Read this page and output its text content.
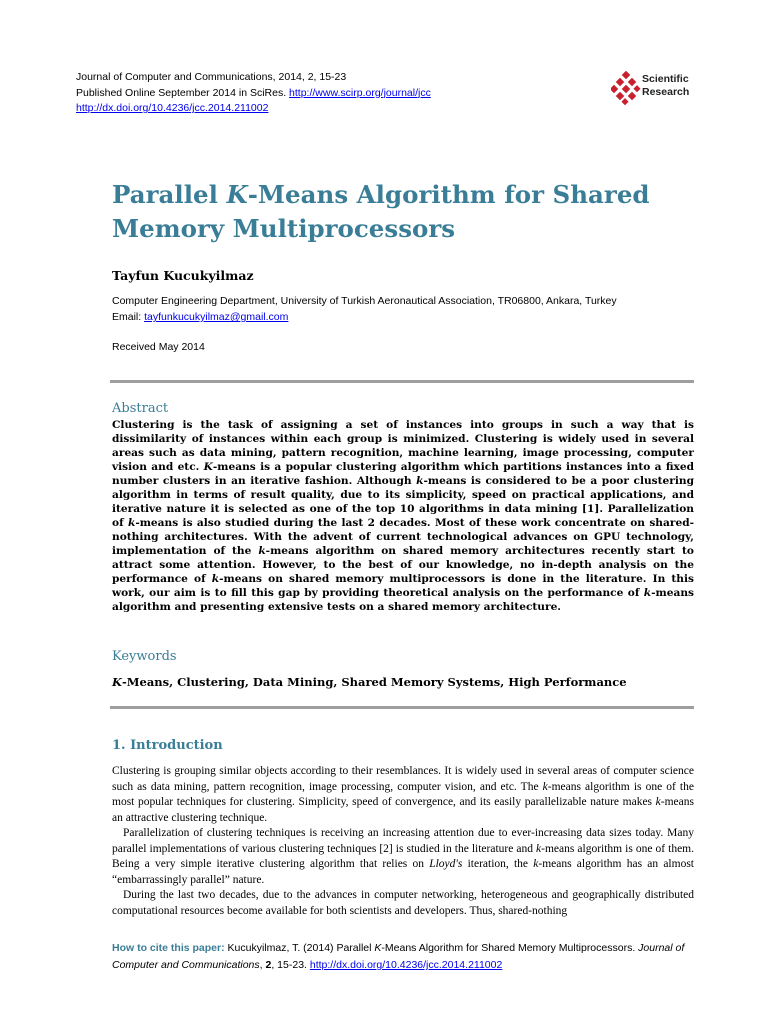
Journal of Computer and Communications, 2014, 2, 15-23
Published Online September 2014 in SciRes. http://www.scirp.org/journal/jcc
http://dx.doi.org/10.4236/jcc.2014.211002
Scientific
Research
Parallel K-Means Algorithm for Shared
Memory Multiprocessors
Tayfun Kucukyilmaz
Computer Engineering Department, University of Turkish Aeronautical Association, TR06800, Ankara, Turkey
Email: tayfunkucukyilmaz@gmail.com
Received May 2014
Abstract
Clustering is the task of assigning a set of instances into groups in such a way that is dissimilarity of instances within each group is minimized. Clustering is widely used in several areas such as data mining, pattern recognition, machine learning, image processing, computer vision and etc. K-means is a popular clustering algorithm which partitions instances into a fixed number clusters in an iterative fashion. Although k-means is considered to be a poor clustering algorithm in terms of result quality, due to its simplicity, speed on practical applications, and iterative nature it is selected as one of the top 10 algorithms in data mining [1]. Parallelization of k-means is also studied during the last 2 decades. Most of these work concentrate on shared-nothing architectures. With the advent of current technological advances on GPU technology, implementation of the k-means algorithm on shared memory architectures recently start to attract some attention. However, to the best of our knowledge, no in-depth analysis on the performance of k-means on shared memory multiprocessors is done in the literature. In this work, our aim is to fill this gap by providing theoretical analysis on the performance of k-means algorithm and presenting extensive tests on a shared memory architecture.
Keywords
K-Means, Clustering, Data Mining, Shared Memory Systems, High Performance
1. Introduction

Clustering is grouping similar objects according to their resemblances. It is widely used in several areas of computer science such as data mining, pattern recognition, image processing, computer vision, and etc. The k-means algorithm is one of the most popular techniques for clustering. Simplicity, speed of convergence, and its easily parallelizable nature makes k-means an attractive clustering technique.

Parallelization of clustering techniques is receiving an increasing attention due to ever-increasing data sizes today. Many parallel implementations of various clustering techniques [2] is studied in the literature and k-means algorithm is one of them. Being a very simple iterative clustering algorithm that relies on Lloyd's iteration, the k-means algorithm has an almost “embarrassingly parallel” nature.

During the last two decades, due to the advances in computer networking, heterogeneous and geographically distributed computational resources become available for both scientists and developers. Thus, shared-nothing

How to cite this paper: Kucukyilmaz, T. (2014) Parallel K-Means Algorithm for Shared Memory Multiprocessors. Journal of Computer and Communications, 2, 15-23. http://dx.doi.org/10.4236/jcc.2014.211002
